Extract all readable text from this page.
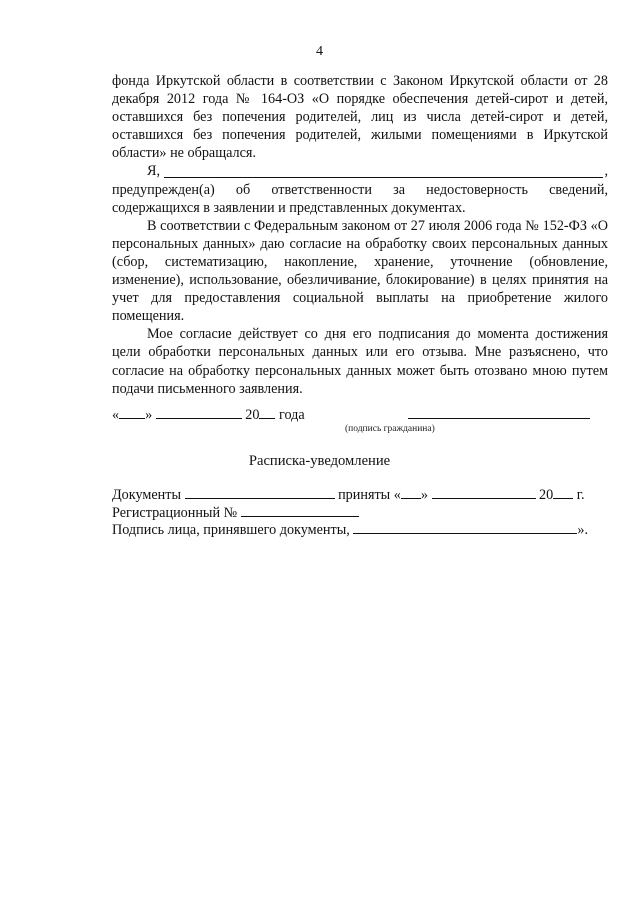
4

фонда Иркутской области в соответствии с Законом Иркутской области от 28 декабря 2012 года № 164-ОЗ «О порядке обеспечения детей-сирот и детей, оставшихся без попечения родителей, лиц из числа детей-сирот и детей, оставшихся без попечения родителей, жилыми помещениями в Иркутской области» не обращался.

Я,	,

предупрежден(а) об ответственности за недостоверность сведений, содержащихся в заявлении и представленных документах.

В соответствии с Федеральным законом от 27 июля 2006 года № 152-ФЗ «О персональных данных» даю согласие на обработку своих персональных данных (сбор, систематизацию, накопление, хранение, уточнение (обновление, изменение), использование, обезличивание, блокирование) в целях принятия на учет для предоставления социальной выплаты на приобретение жилого помещения.

Мое согласие действует со дня его подписания до момента достижения цели обработки персональных данных или его отзыва. Мне разъяснено, что согласие на обработку персональных данных может быть отозвано мною путем подачи письменного заявления.

« »	20 года
(подпись гражданина)
Расписка-уведомление
Документы	приняты « »	20 г.
Регистрационный №
Подпись лица, принявшего документы,	».
